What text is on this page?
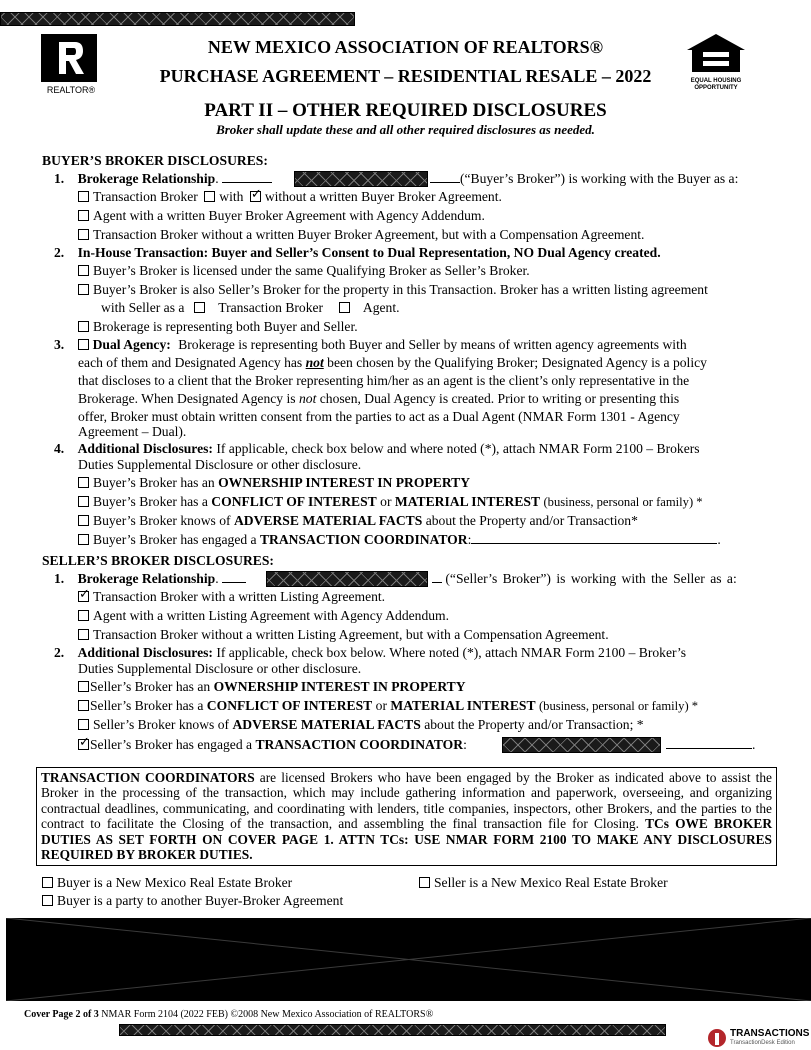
REALTOR®
EQUAL HOUSING OPPORTUNITY
NEW MEXICO ASSOCIATION OF REALTORS®
PURCHASE AGREEMENT – RESIDENTIAL RESALE – 2022
PART II – OTHER REQUIRED DISCLOSURES
Broker shall update these and all other required disclosures as needed.
BUYER’S BROKER DISCLOSURES:
1. Brokerage Relationship.	(“Buyer’s Broker”) is working with the Buyer as a:
Transaction Broker with ✓ without a written Buyer Broker Agreement.
Agent with a written Buyer Broker Agreement with Agency Addendum.
Transaction Broker without a written Buyer Broker Agreement, but with a Compensation Agreement.
2. In-House Transaction: Buyer and Seller’s Consent to Dual Representation, NO Dual Agency created.
Buyer’s Broker is licensed under the same Qualifying Broker as Seller’s Broker.
Buyer’s Broker is also Seller’s Broker for the property in this Transaction. Broker has a written listing agreement
with Seller as a Transaction Broker	Agent.
Brokerage is representing both Buyer and Seller.
3. Dual Agency: Brokerage is representing both Buyer and Seller by means of written agency agreements with
each of them and Designated Agency has not been chosen by the Qualifying Broker; Designated Agency is a policy
that discloses to a client that the Broker representing him/her as an agent is the client’s only representative in the
Brokerage. When Designated Agency is not chosen, Dual Agency is created. Prior to writing or presenting this
offer, Broker must obtain written consent from the parties to act as a Dual Agent (NMAR Form 1301 - Agency
Agreement – Dual).
4. Additional Disclosures: If applicable, check box below and where noted (*), attach NMAR Form 2100 – Brokers
Duties Supplemental Disclosure or other disclosure.
Buyer’s Broker has an OWNERSHIP INTEREST IN PROPERTY
Buyer’s Broker has a CONFLICT OF INTEREST or MATERIAL INTEREST (business, personal or family) *
Buyer’s Broker knows of ADVERSE MATERIAL FACTS about the Property and/or Transaction*
Buyer’s Broker has engaged a TRANSACTION COORDINATOR:	.
SELLER’S BROKER DISCLOSURES:
1. Brokerage Relationship.	(“Seller’s Broker”) is working with the Seller as a:
✓Transaction Broker with a written Listing Agreement.
Agent with a written Listing Agreement with Agency Addendum.
Transaction Broker without a written Listing Agreement, but with a Compensation Agreement.
2. Additional Disclosures: If applicable, check box below. Where noted (*), attach NMAR Form 2100 – Broker’s
Duties Supplemental Disclosure or other disclosure.
Seller’s Broker has an OWNERSHIP INTEREST IN PROPERTY
Seller’s Broker has a CONFLICT OF INTEREST or MATERIAL INTEREST (business, personal or family) *
Seller’s Broker knows of ADVERSE MATERIAL FACTS about the Property and/or Transaction; *
✓Seller’s Broker has engaged a TRANSACTION COORDINATOR:	.

TRANSACTION COORDINATORS are licensed Brokers who have been engaged by the Broker as indicated above to assist the Broker in the processing of the transaction, which may include gathering information and paperwork, overseeing, and organizing contractual deadlines, communicating, and coordinating with lenders, title companies, inspectors, other Brokers, and the parties to the contract to facilitate the Closing of the transaction, and assembling the final transaction file for Closing. TCs OWE BROKER DUTIES AS SET FORTH ON COVER PAGE 1. ATTN TCs: USE NMAR FORM 2100 TO MAKE ANY DISCLOSURES REQUIRED BY BROKER DUTIES.

Buyer is a New Mexico Real Estate Broker	Seller is a New Mexico Real Estate Broker
Buyer is a party to another Buyer-Broker Agreement
Cover Page 2 of 3 NMAR Form 2104 (2022 FEB) ©2008 New Mexico Association of REALTORS®
TRANSACTIONS
TransactionDesk Edition
